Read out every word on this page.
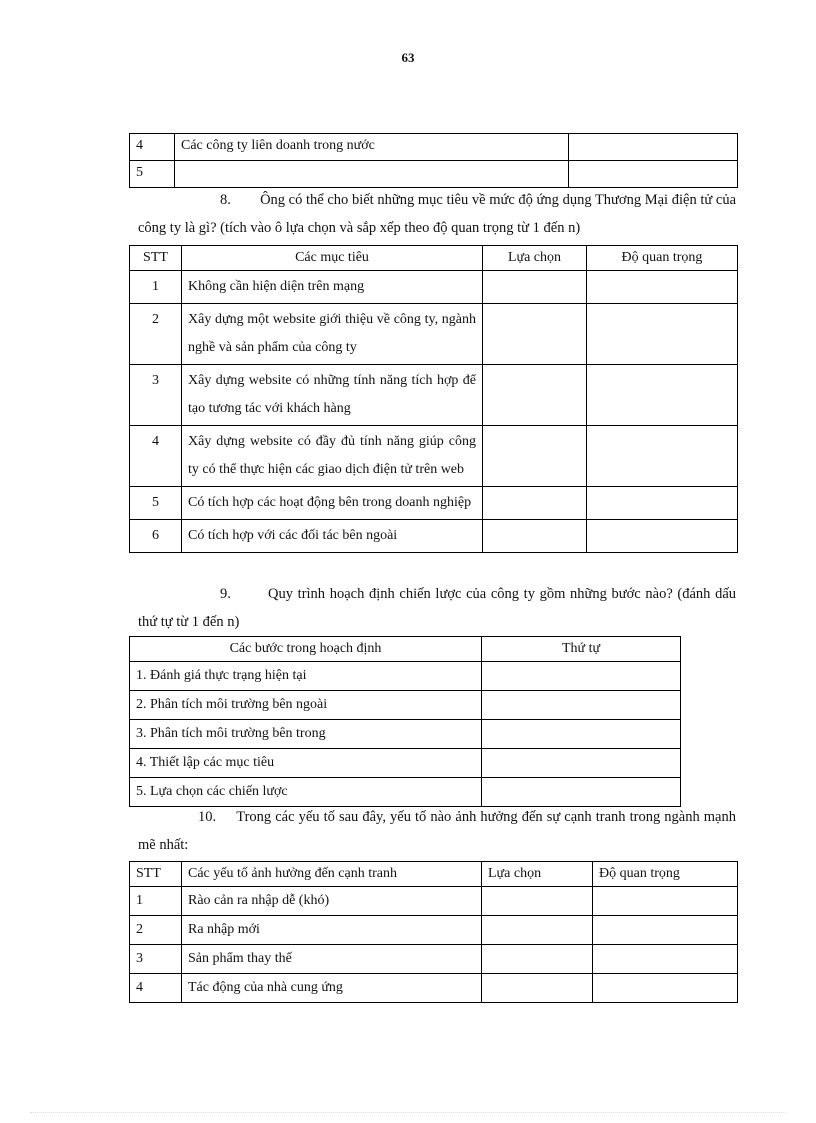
63
4	Các công ty liên doanh trong nước	
5		
8. Ông có thể cho biết những mục tiêu về mức độ ứng dụng Thương Mại điện tử của công ty là gì? (tích vào ô lựa chọn và sắp xếp theo độ quan trọng từ 1 đến n)
STT	Các mục tiêu	Lựa chọn	Độ quan trọng
1	Không cần hiện diện trên mạng		
2	Xây dựng một website giới thiệu về công ty, ngành nghề và sản phẩm của công ty		
3	Xây dựng website có những tính năng tích hợp để tạo tương tác với khách hàng		
4	Xây dựng website có đầy đủ tính năng giúp công ty có thể thực hiện các giao dịch điện tử trên web		
5	Có tích hợp các hoạt động bên trong doanh nghiệp		
6	Có tích hợp với các đối tác bên ngoài		
9.	Quy trình hoạch định chiến lược của công ty gồm những bước nào? (đánh dấu thứ tự từ 1 đến n)
Các bước trong hoạch định	Thứ tự
1. Đánh giá thực trạng hiện tại	
2. Phân tích môi trường bên ngoài	
3. Phân tích môi trường bên trong	
4. Thiết lập các mục tiêu	
5. Lựa chọn các chiến lược	
10. Trong các yếu tố sau đây, yếu tố nào ảnh hưởng đến sự cạnh tranh trong ngành mạnh mẽ nhất:
STT	Các yếu tố ảnh hưởng đến cạnh tranh	Lựa chọn	Độ quan trọng
1	Rào cản ra nhập dễ (khó)		
2	Ra nhập mới		
3	Sản phẩm thay thế		
4	Tác động của nhà cung ứng		
